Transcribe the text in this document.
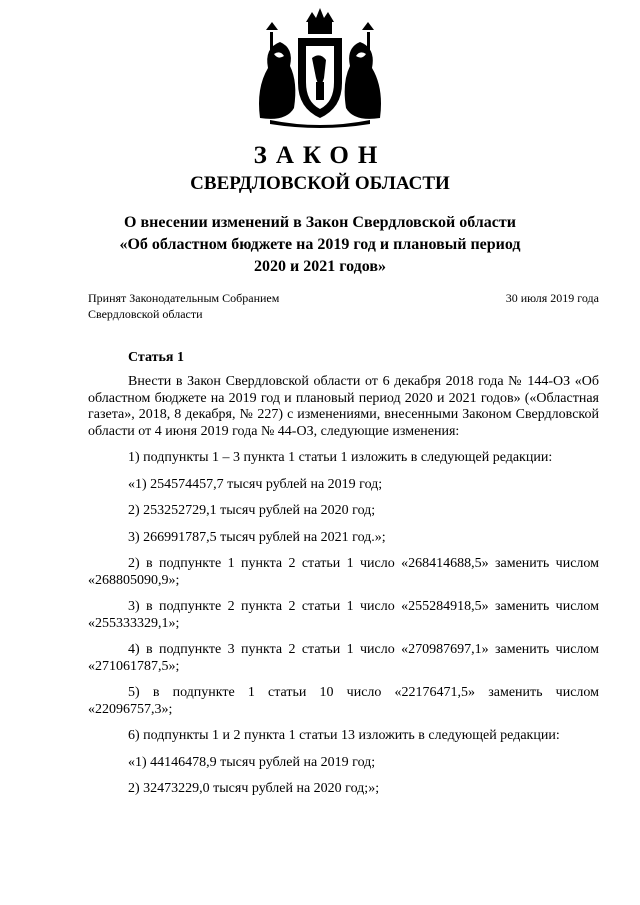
ЗАКОН
СВЕРДЛОВСКОЙ ОБЛАСТИ
О внесении изменений в Закон Свердловской области
«Об областном бюджете на 2019 год и плановый период
2020 и 2021 годов»
Принят Законодательным Собранием
Свердловской области
30 июля 2019 года
Статья 1

Внести в Закон Свердловской области от 6 декабря 2018 года № 144-ОЗ «Об областном бюджете на 2019 год и плановый период 2020 и 2021 годов» («Областная газета», 2018, 8 декабря, № 227) с изменениями, внесенными Законом Свердловской области от 4 июня 2019 года № 44-ОЗ, следующие изменения:

1) подпункты 1 – 3 пункта 1 статьи 1 изложить в следующей редакции:

«1) 254574457,7 тысяч рублей на 2019 год;

2) 253252729,1 тысяч рублей на 2020 год;

3) 266991787,5 тысяч рублей на 2021 год.»;

2) в подпункте 1 пункта 2 статьи 1 число «268414688,5» заменить числом «268805090,9»;

3) в подпункте 2 пункта 2 статьи 1 число «255284918,5» заменить числом «255333329,1»;

4) в подпункте 3 пункта 2 статьи 1 число «270987697,1» заменить числом «271061787,5»;

5) в подпункте 1 статьи 10 число «22176471,5» заменить числом «22096757,3»;

6) подпункты 1 и 2 пункта 1 статьи 13 изложить в следующей редакции:

«1) 44146478,9 тысяч рублей на 2019 год;

2) 32473229,0 тысяч рублей на 2020 год;»;
